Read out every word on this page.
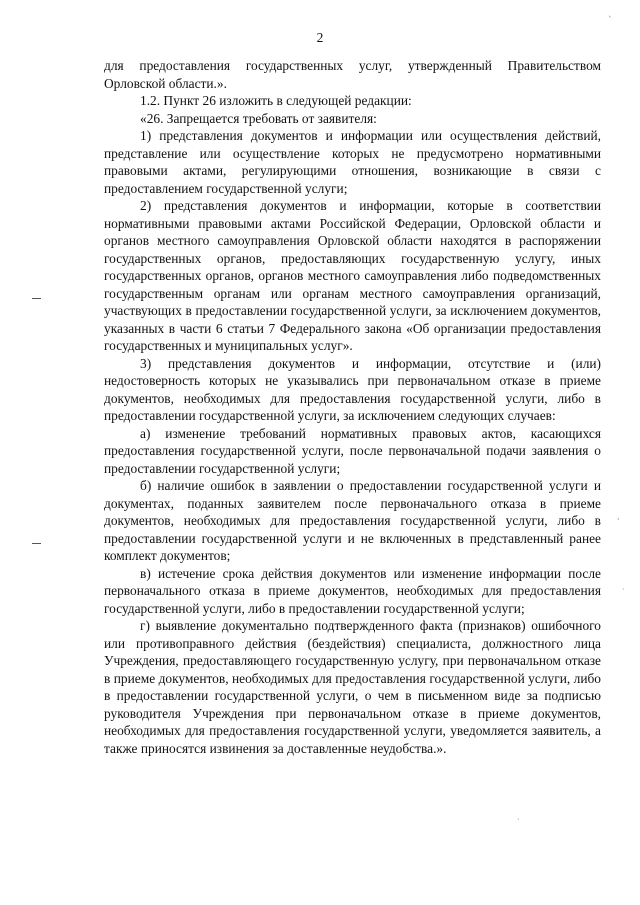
`
,
·
·
2

для предоставления государственных услуг, утвержденный Правительством Орловской области.».

1.2. Пункт 26 изложить в следующей редакции:

«26. Запрещается требовать от заявителя:

1) представления документов и информации или осуществления действий, представление или осуществление которых не предусмотрено нормативными правовыми актами, регулирующими отношения, возникающие в связи с предоставлением государственной услуги;

2) представления документов и информации, которые в соответствии нормативными правовыми актами Российской Федерации, Орловской области и органов местного самоуправления Орловской области находятся в распоряжении государственных органов, предоставляющих государственную услугу, иных государственных органов, органов местного самоуправления либо подведомственных государственным органам или органам местного самоуправления организаций, участвующих в предоставлении государственной услуги, за исключением документов, указанных в части 6 статьи 7 Федерального закона «Об организации предоставления государственных и муниципальных услуг».

3) представления документов и информации, отсутствие и (или) недостоверность которых не указывались при первоначальном отказе в приеме документов, необходимых для предоставления государственной услуги, либо в предоставлении государственной услуги, за исключением следующих случаев:

а) изменение требований нормативных правовых актов, касающихся предоставления государственной услуги, после первоначальной подачи заявления о предоставлении государственной услуги;

б) наличие ошибок в заявлении о предоставлении государственной услуги и документах, поданных заявителем после первоначального отказа в приеме документов, необходимых для предоставления государственной услуги, либо в предоставлении государственной услуги и не включенных в представленный ранее комплект документов;

в) истечение срока действия документов или изменение информации после первоначального отказа в приеме документов, необходимых для предоставления государственной услуги, либо в предоставлении государственной услуги;

г) выявление документально подтвержденного факта (признаков) ошибочного или противоправного действия (бездействия) специалиста, должностного лица Учреждения, предоставляющего государственную услугу, при первоначальном отказе в приеме документов, необходимых для предоставления государственной услуги, либо в предоставлении государственной услуги, о чем в письменном виде за подписью руководителя Учреждения при первоначальном отказе в приеме документов, необходимых для предоставления государственной услуги, уведомляется заявитель, а также приносятся извинения за доставленные неудобства.».
